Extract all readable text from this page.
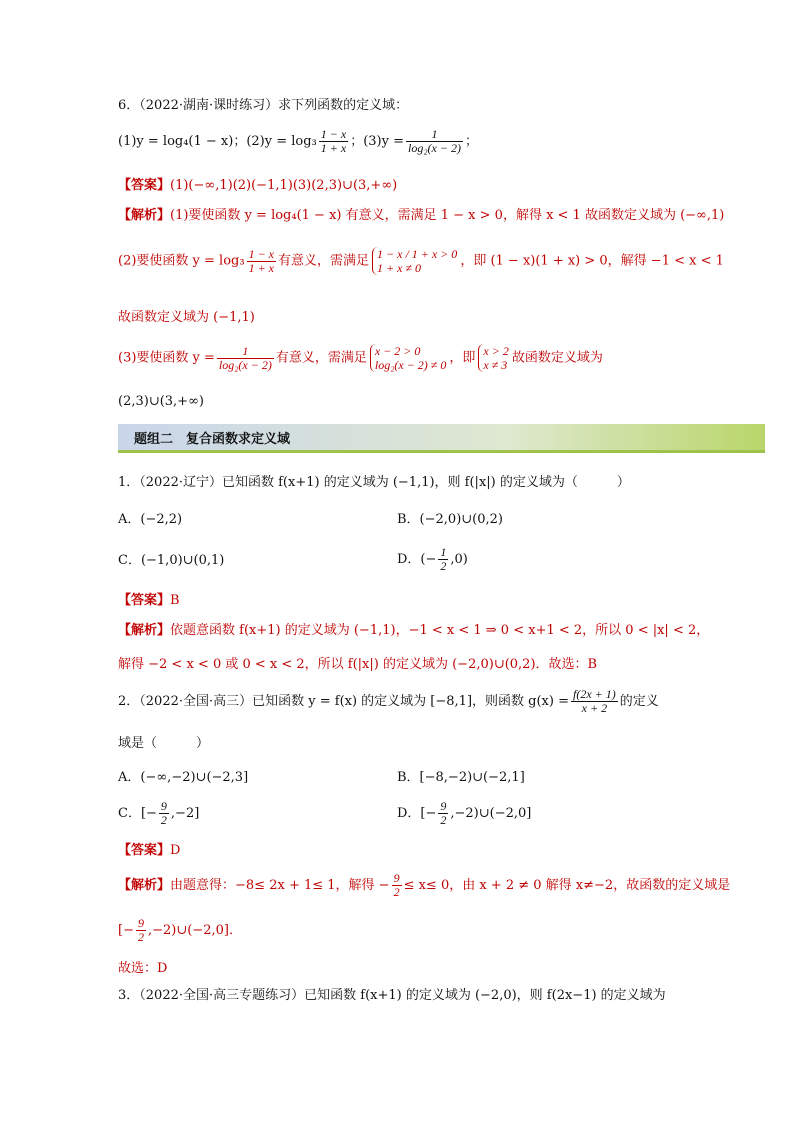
6．（2022·湖南·课时练习）求下列函数的定义域：
(1)y = log₄(1 − x)；$(2)y = \log_3 \frac{1 - x}{1 + x}$ ；$(3)y = \frac{1}{\text{log₂(x − 2)}}$ ；
【答案】(1)(−∞,1)(2)(−1,1)(3)(2,3)∪(3,+∞)
【解析】(1)要使函数 y = log₄(1 − x) 有意义，需满足 1 − x > 0，解得 x < 1 故函数定义域为 (−∞,1)
(2)要使函数 $y = \log_3 \frac{1 - x}{1 + x}$ 有意义，需满足 1 − x / 1 + x > 0
1 + x ≠ 0	，即 (1 − x)(1 + x) > 0，解得 −1 < x < 1
故函数定义域为 (−1,1)
(3)要使函数 $y = \frac{1}{\text{log₂(x − 2)}}$ 有意义，需满足 x − 2 > 0
log₂(x − 2) ≠ 0 ，即 x > 2
x ≠ 3 故函数定义域为
(2,3)∪(3,+∞)
题组二　复合函数求定义域
1．（2022·辽宁）已知函数 f(x+1) 的定义域为 (−1,1)，则 f(|x|) 的定义域为（　　　）
A．(−2,2)	B．(−2,0)∪(0,2)
C．(−1,0)∪(0,1)	D．(− $\frac{1}{2} ,0$)
【答案】B
【解析】依题意函数 f(x+1) 的定义域为 (−1,1)，−1 < x < 1 ⇒ 0 < x+1 < 2，所以 0 < |x| < 2，
解得 −2 < x < 0 或 0 < x < 2，所以 f(|x|) 的定义域为 (−2,0)∪(0,2)．故选：B
2．（2022·全国·高三）已知函数 y = f(x) 的定义域为 [−8,1]，则函数 $g(x) = \frac{f(2x + 1)}{x + 2}$ 的定义
域是（　　　）
A．(−∞,−2)∪(−2,3]	B．[−8,−2)∪(−2,1]
C．[− $\frac{9}{2} ,-2$]	D．[− $\frac{9}{2}$ ,−2)∪(−2,0]
【答案】D
【解析】由题意得：−8≤ 2x + 1≤ 1，解得 − $\frac{9}{2} \le x\le 0$，由 x + 2 ≠ 0 解得 x≠−2，故函数的定义域是
[− $\frac{9}{2}$ ,−2)∪(−2,0]．
故选：D
3．（2022·全国·高三专题练习）已知函数 f(x+1) 的定义域为 (−2,0)，则 f(2x−1) 的定义域为
